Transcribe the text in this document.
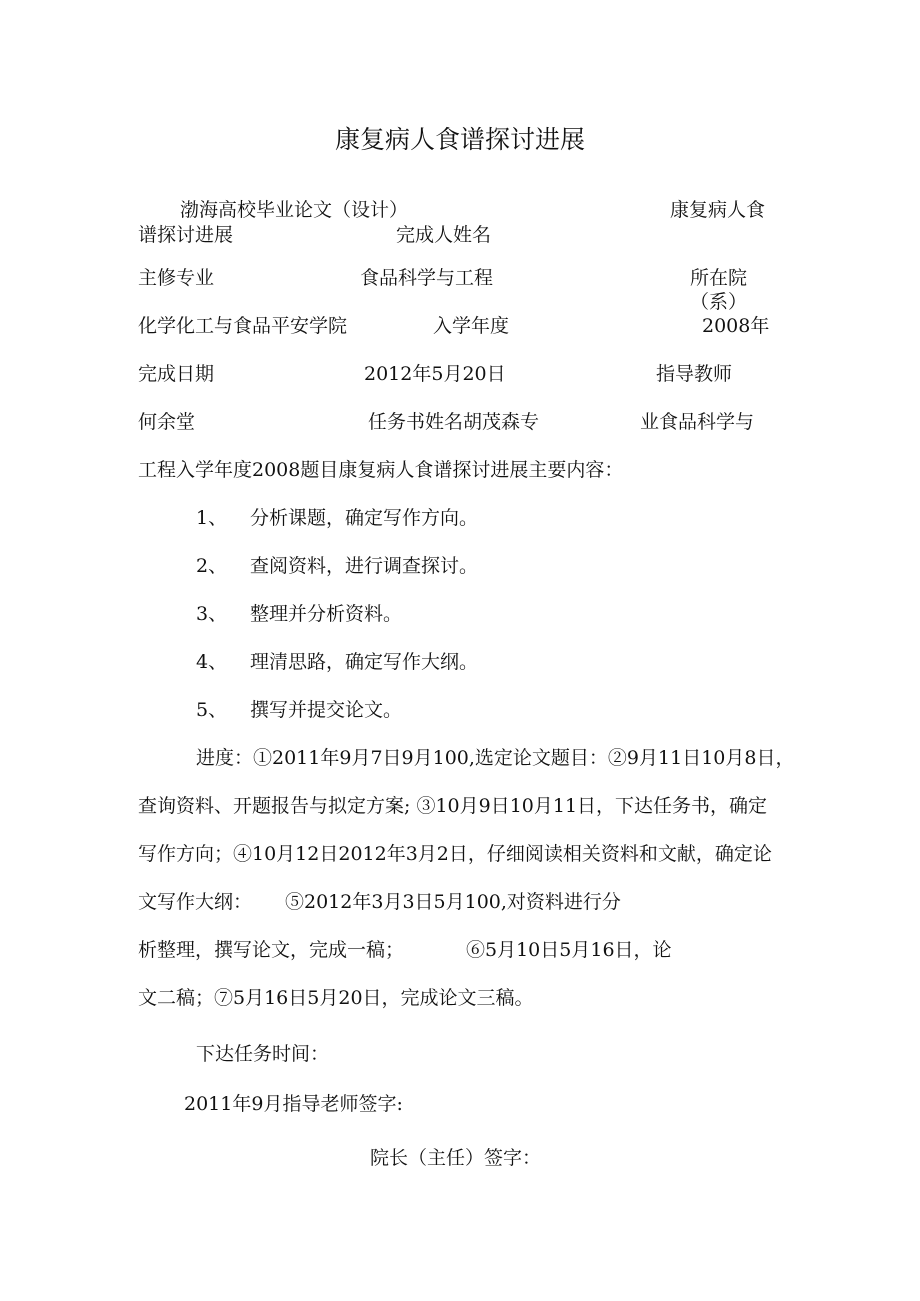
康复病人食谱探讨进展
渤海高校毕业论文（设计）	康复病人食
谱探讨进展	完成人姓名
主修专业	食品科学与工程	所在院
（系）
化学化工与食品平安学院	入学年度	2008年
完成日期	2012年5月20日	指导教师
何余堂	任务书姓名胡茂森专	业食品科学与
工程入学年度2008题目康复病人食谱探讨进展主要内容：
1、 分析课题，确定写作方向。
2、 查阅资料，进行调查探讨。
3、 整理并分析资料。
4、 理清思路，确定写作大纲。
5、 撰写并提交论文。
进度：①2011年9月7日9月100,选定论文题目：②9月11日10月8日，
查询资料、开题报告与拟定方案; ③10月9日10月11日，下达任务书，确定
写作方向；④10月12日2012年3月2日，仔细阅读相关资料和文献，确定论
文写作大纲： ⑤2012年3月3日5月100,对资料进行分
析整理，撰写论文，完成一稿；	⑥5月10日5月16日，论
文二稿；⑦5月16日5月20日，完成论文三稿。
下达任务时间：
2011年9月指导老师签字:
院长（主任）签字：
